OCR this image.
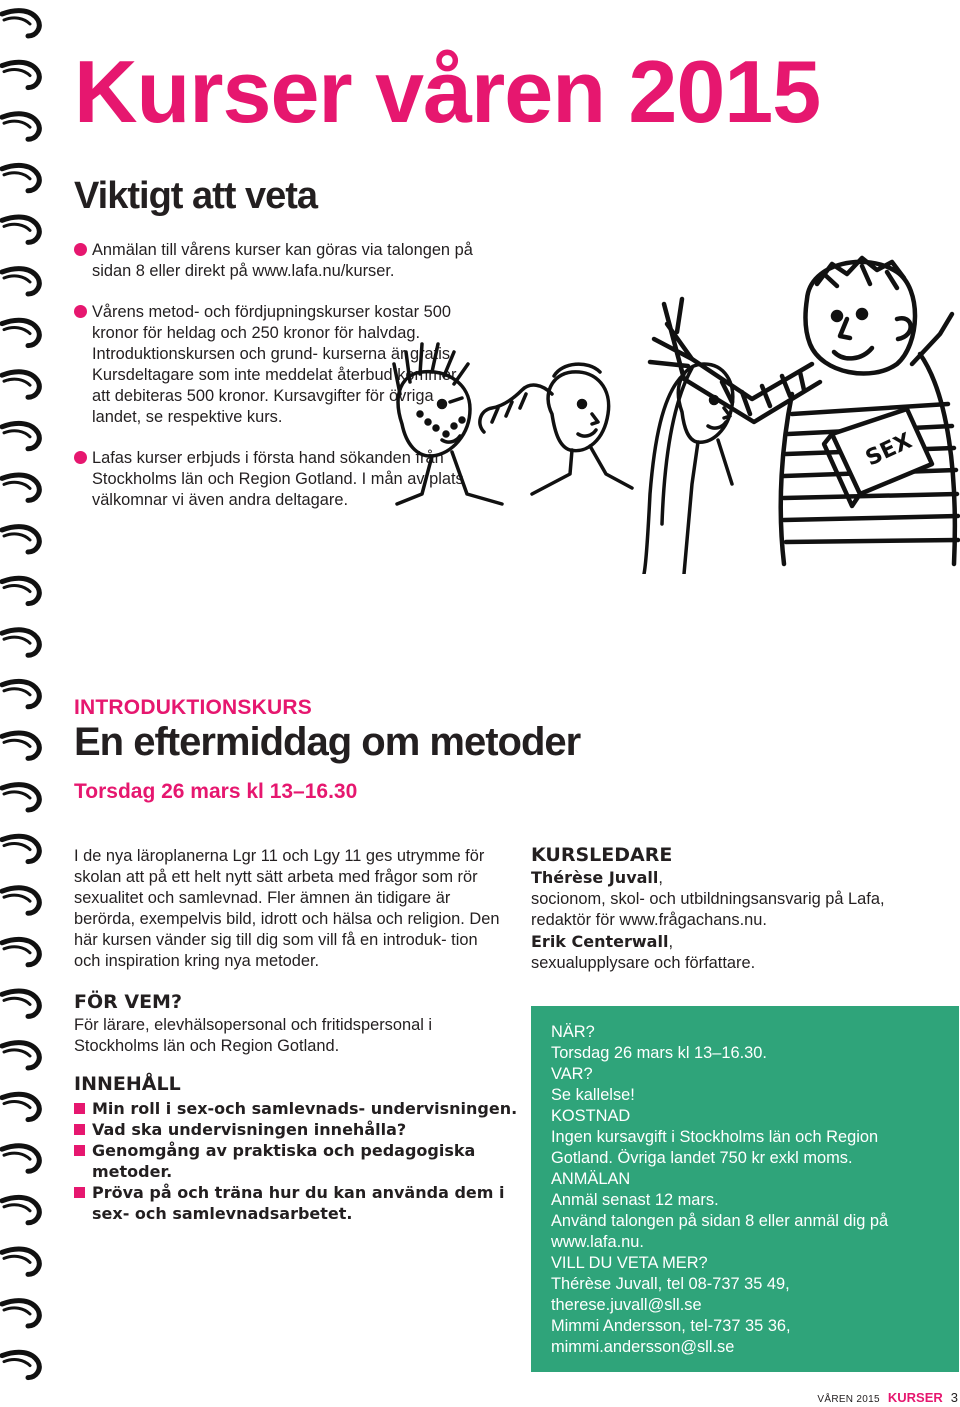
Kurser våren 2015
Viktigt att veta
Anmälan till vårens kurser kan göras via talongen på sidan 8 eller direkt på www.lafa.nu/kurser.
Vårens metod- och fördjupningskurser kostar 500 kronor för heldag och 250 kronor för halvdag. Introduktionskursen och grund- kurserna är gratis. Kursdeltagare som inte meddelat återbud kommer att debiteras 500 kronor. Kursavgifter för övriga landet, se respektive kurs.
Lafas kurser erbjuds i första hand sökanden från Stockholms län och Region Gotland. I mån av plats välkomnar vi även andra deltagare.
SEX
INTRODUKTIONSKURS
En eftermiddag om metoder
Torsdag 26 mars kl 13–16.30

I de nya läroplanerna Lgr 11 och Lgy 11 ges utrymme för skolan att på ett helt nytt sätt arbeta med frågor som rör sexualitet och samlevnad. Fler ämnen än tidigare är berörda, exempelvis bild, idrott och hälsa och religion. Den här kursen vänder sig till dig som vill få en introduk- tion och inspiration kring nya metoder.

FÖR VEM?

För lärare, elevhälsopersonal och fritidspersonal i Stockholms län och Region Gotland.

INNEHÅLL

Min roll i sex-och samlevnads- undervisningen.
Vad ska undervisningen innehålla?
Genomgång av praktiska och pedagogiska metoder.
Pröva på och träna hur du kan använda dem i sex- och samlevnadsarbetet.

KURSLEDARE

Thérèse Juvall,

socionom, skol- och utbildningsansvarig på Lafa, redaktör för www.frågachans.nu.

Erik Centerwall,

sexualupplysare och författare.

NÄR?

Torsdag 26 mars kl 13–16.30.

VAR?

Se kallelse!

KOSTNAD

Ingen kursavgift i Stockholms län och Region Gotland. Övriga landet 750 kr exkl moms.

ANMÄLAN

Anmäl senast 12 mars.

Använd talongen på sidan 8 eller anmäl dig på www.lafa.nu.

VILL DU VETA MER?

Thérèse Juvall, tel 08-737 35 49,

therese.juvall@sll.se

Mimmi Andersson, tel-737 35 36,

mimmi.andersson@sll.se

VÅREN 2015 KURSER 3
